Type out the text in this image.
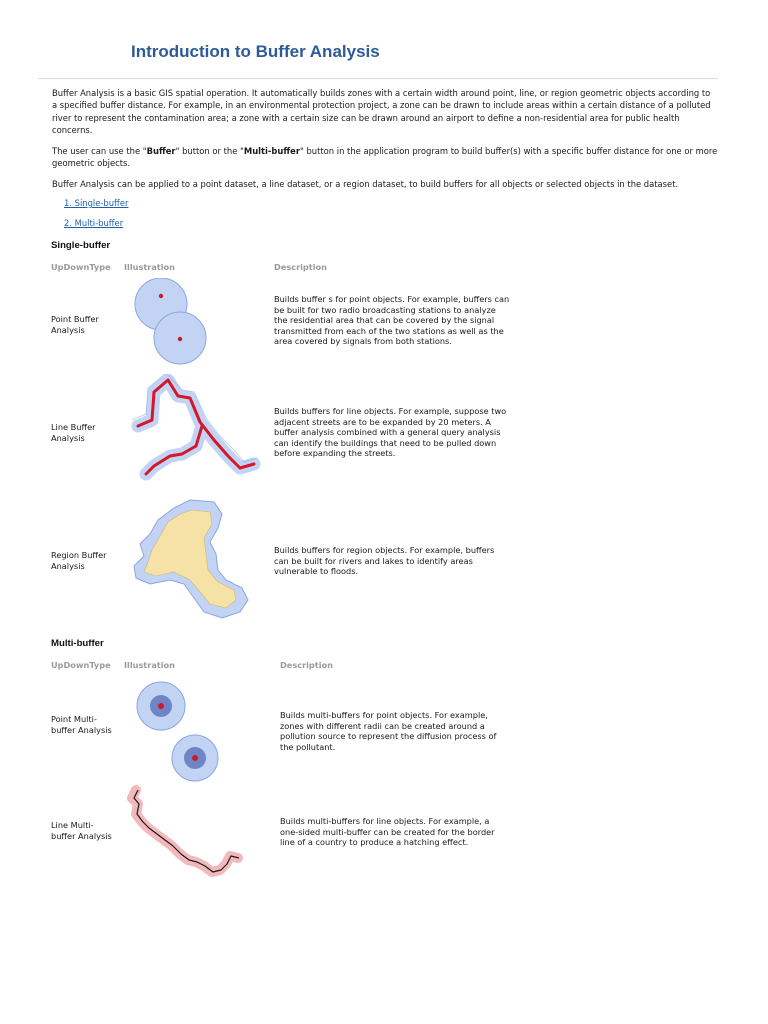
Introduction to Buffer Analysis

Buffer Analysis is a basic GIS spatial operation. It automatically builds zones with a certain width around point, line, or region geometric objects according to a specified buffer distance. For example, in an environmental protection project, a zone can be drawn to include areas within a certain distance of a polluted river to represent the contamination area; a zone with a certain size can be drawn around an airport to define a non-residential area for public health concerns.

The user can use the "Buffer" button or the "Multi-buffer" button in the application program to build buffer(s) with a specific buffer distance for one or more geometric objects.

Buffer Analysis can be applied to a point dataset, a line dataset, or a region dataset, to build buffers for all objects or selected objects in the dataset.

1. Single-buffer
2. Multi-buffer
Single-buffer
UpDownType Illustration	Description
Point Buffer Analysis
Builds buffer s for point objects. For example, buffers can be built for two radio broadcasting stations to analyze the residential area that can be covered by the signal transmitted from each of the two stations as well as the area covered by signals from both stations.
Line Buffer Analysis
Builds buffers for line objects. For example, suppose two adjacent streets are to be expanded by 20 meters. A buffer analysis combined with a general query analysis can identify the buildings that need to be pulled down before expanding the streets.
Region Buffer Analysis
Builds buffers for region objects. For example, buffers can be built for rivers and lakes to identify areas vulnerable to floods.
Multi-buffer
UpDownType Illustration	Description
Point Multi-buffer Analysis
Builds multi-buffers for point objects. For example, zones with different radii can be created around a pollution source to represent the diffusion process of the pollutant.
Line Multi-buffer Analysis
Builds multi-buffers for line objects. For example, a one-sided multi-buffer can be created for the border line of a country to produce a hatching effect.
